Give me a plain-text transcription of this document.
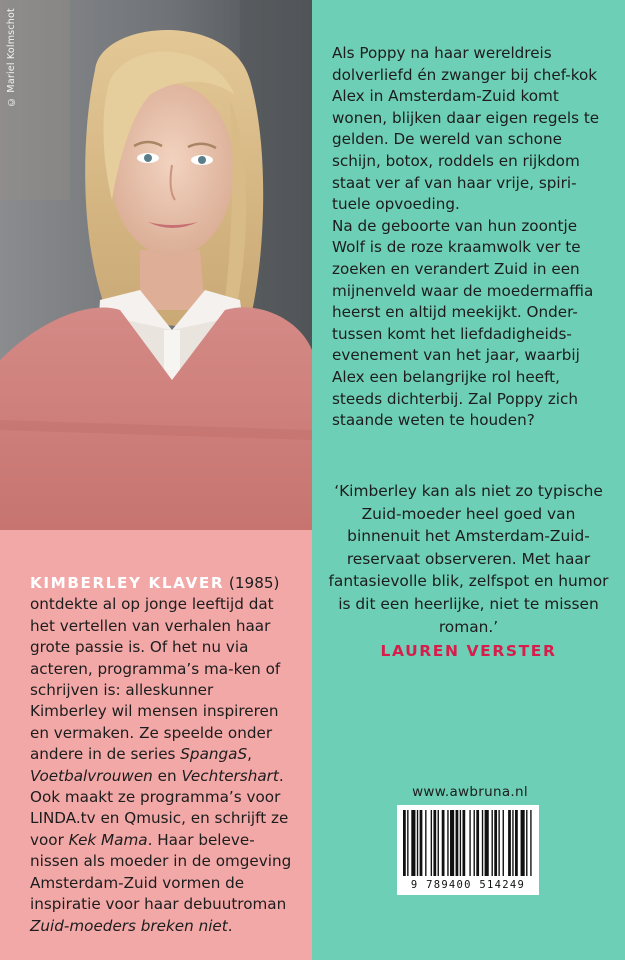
© Mariel Kolmschot
KIMBERLEY KLAVER (1985) ontdekte al op jonge leeftijd dat het vertellen van verhalen haar grote passie is. Of het nu via acteren, programma’s ma-ken of schrijven is: alleskunner Kimberley wil mensen inspireren en vermaken. Ze speelde onder andere in de series SpangaS, Voetbalvrouwen en Vechtershart. Ook maakt ze programma’s voor LINDA.tv en Qmusic, en schrijft ze voor Kek Mama. Haar beleve-nissen als moeder in de omgeving Amsterdam-Zuid vormen de inspiratie voor haar debuutroman Zuid-moeders breken niet.

Als Poppy na haar wereldreis dolverliefd én zwanger bij chef-kok Alex in Amsterdam-Zuid komt wonen, blijken daar eigen regels te gelden. De wereld van schone schijn, botox, roddels en rijkdom staat ver af van haar vrije, spiri-tuele opvoeding.

Na de geboorte van hun zoontje Wolf is de roze kraamwolk ver te zoeken en verandert Zuid in een mijnenveld waar de moedermaffia heerst en altijd meekijkt. Onder-tussen komt het liefdadigheids-evenement van het jaar, waarbij Alex een belangrijke rol heeft, steeds dichterbij. Zal Poppy zich staande weten te houden?

‘Kimberley kan als niet zo typische Zuid-moeder heel goed van binnenuit het Amsterdam-Zuid-reservaat observeren. Met haar fantasievolle blik, zelfspot en humor is dit een heerlijke, niet te missen roman.’
LAUREN VERSTER
www.awbruna.nl
9 789400 514249
